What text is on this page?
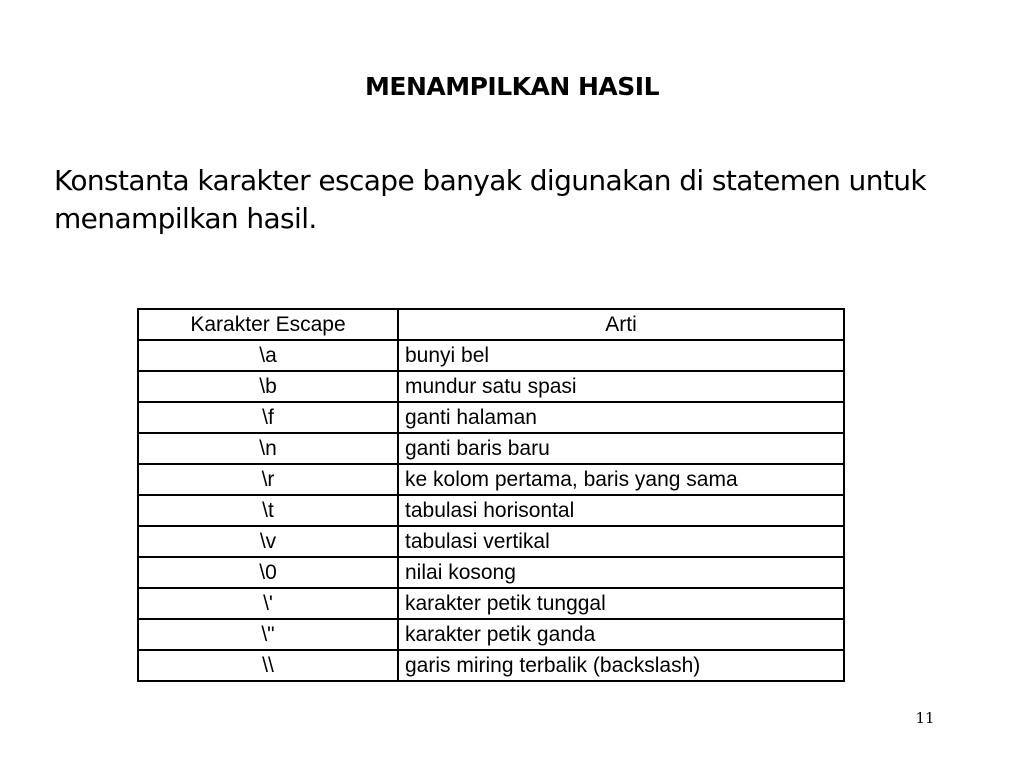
MENAMPILKAN HASIL
Konstanta karakter escape banyak digunakan di statemen untuk menampilkan hasil.
Karakter Escape	Arti
\a	bunyi bel
\b	mundur satu spasi
\f	ganti halaman
\n	ganti baris baru
\r	ke kolom pertama, baris yang sama
\t	tabulasi horisontal
\v	tabulasi vertikal
\0	nilai kosong
\'	karakter petik tunggal
\"	karakter petik ganda
\\	garis miring terbalik (backslash)
11
